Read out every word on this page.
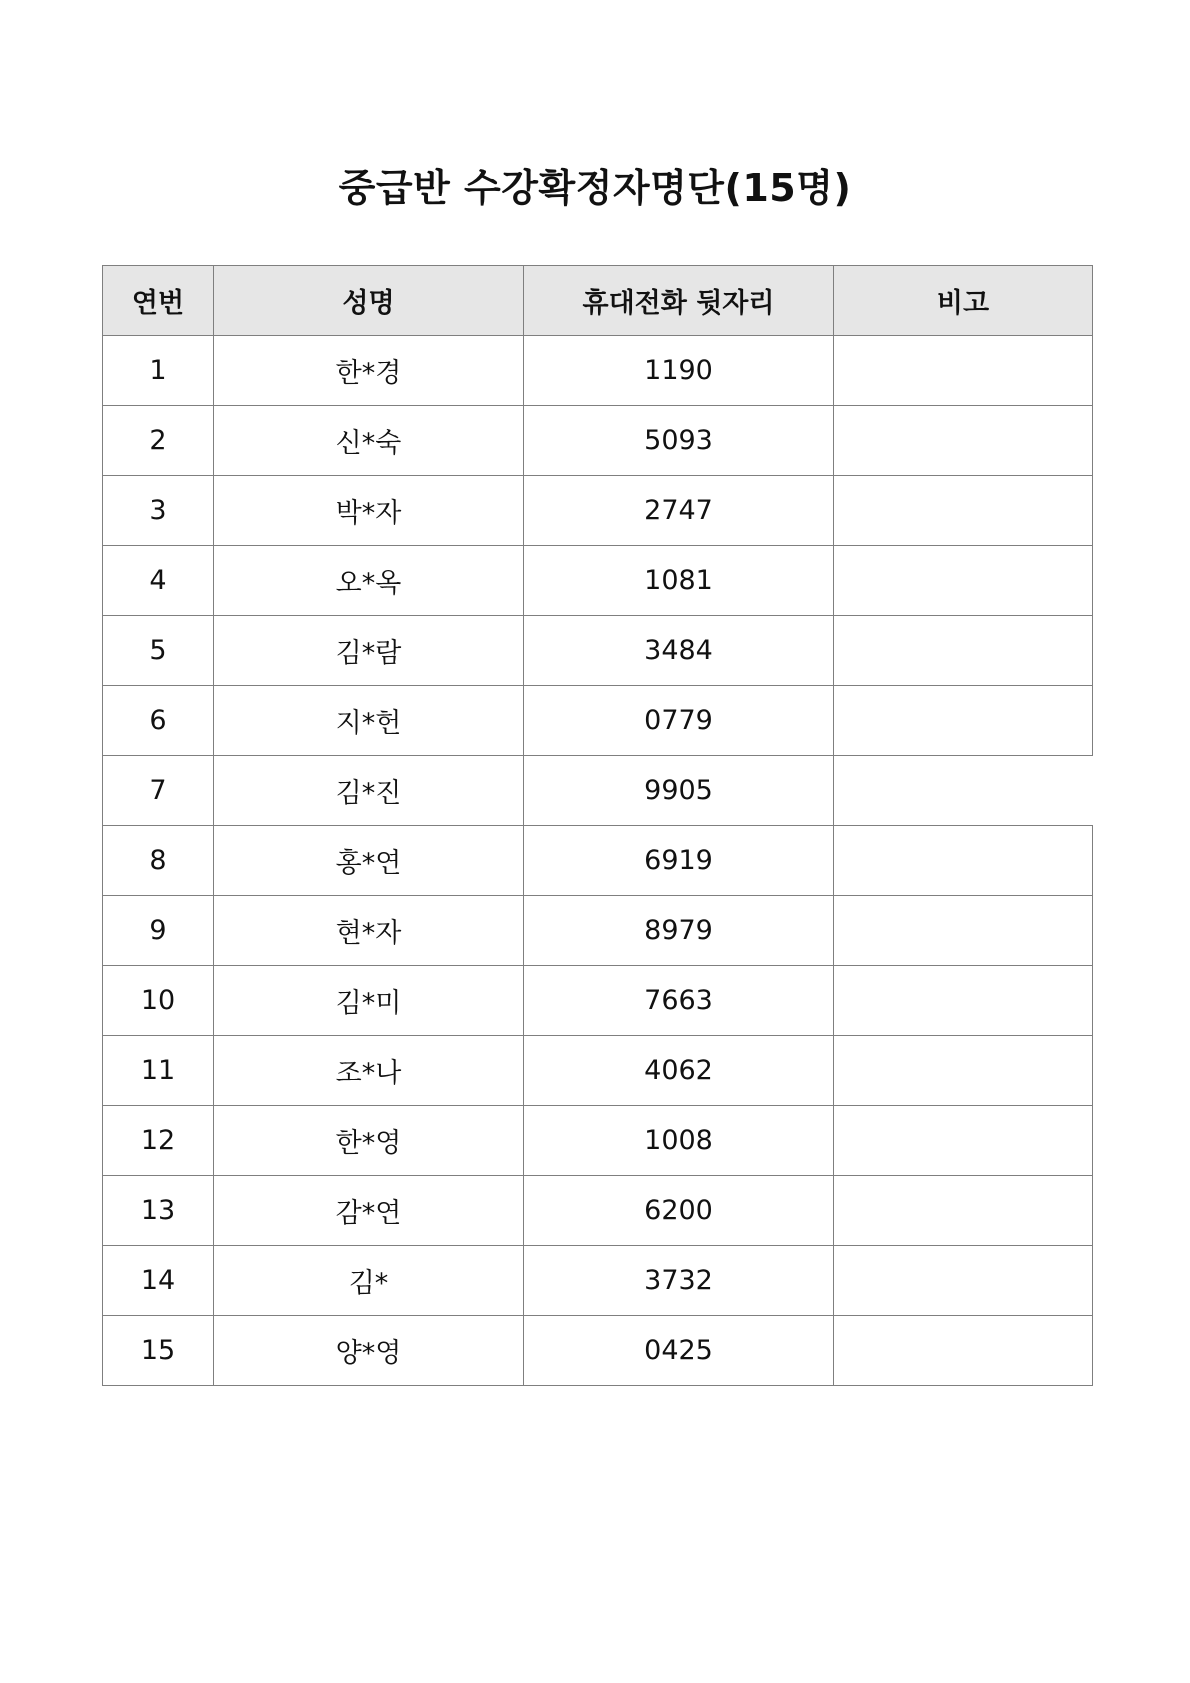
중급반 수강확정자명단(15명)
연번	성명	휴대전화 뒷자리	비고
1	한*경	1190	
2	신*숙	5093	
3	박*자	2747	
4	오*옥	1081	
5	김*람	3484	
6	지*헌	0779	
7	김*진	9905	
8	홍*연	6919	
9	현*자	8979	
10	김*미	7663	
11	조*나	4062	
12	한*영	1008	
13	감*연	6200	
14	김*	3732	
15	양*영	0425	
